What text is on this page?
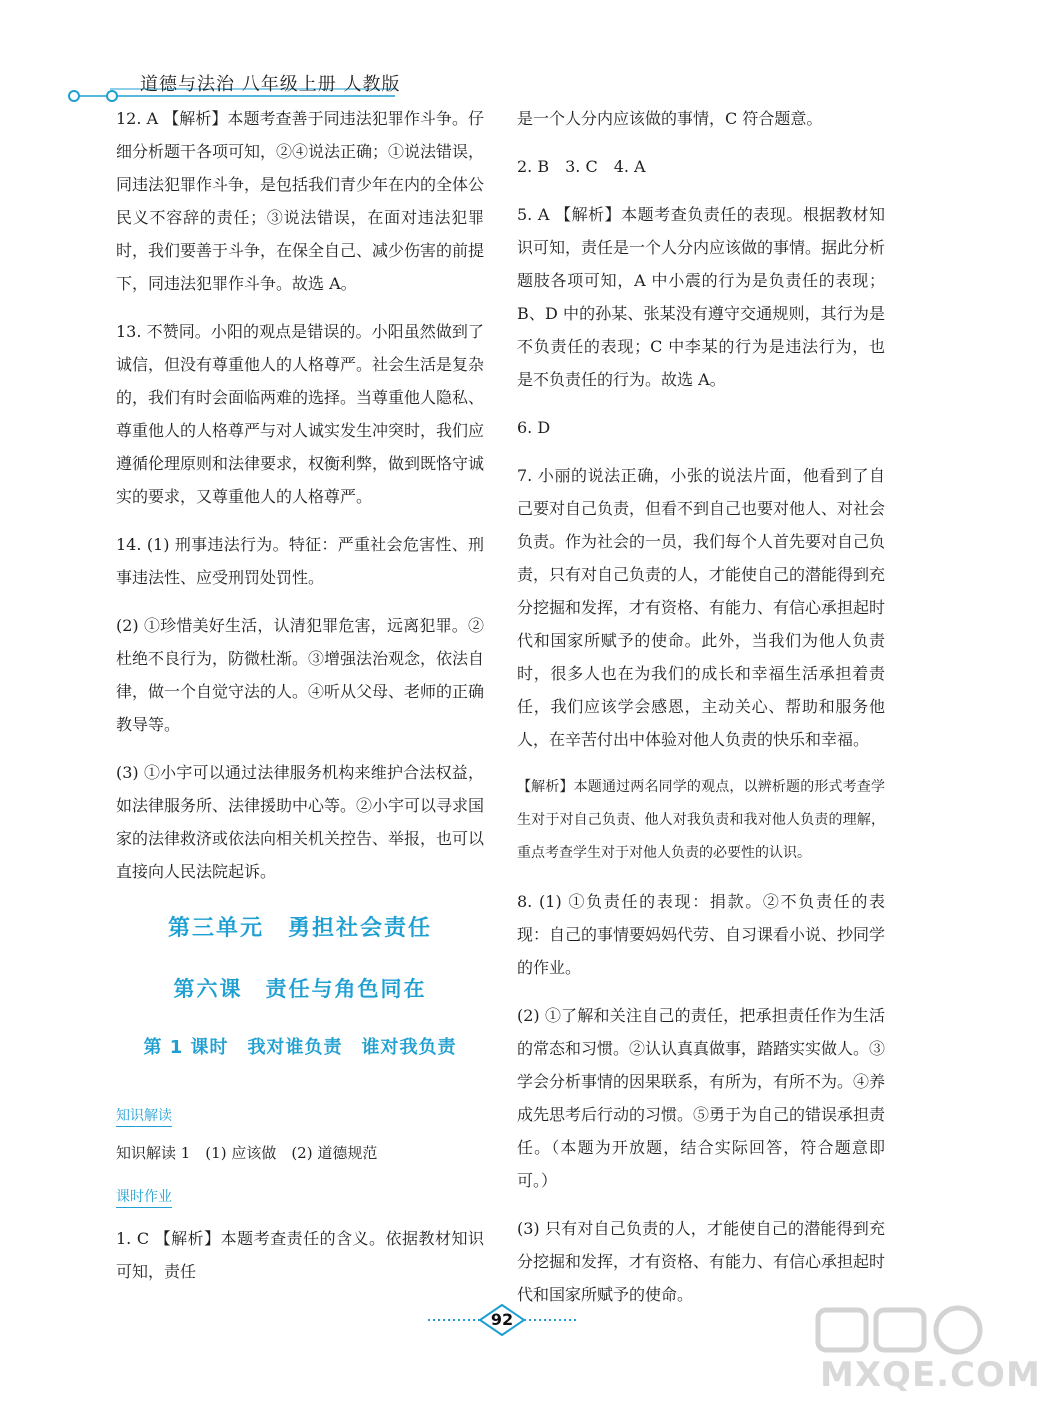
道德与法治 八年级上册 人教版

12. A 【解析】本题考查善于同违法犯罪作斗争。仔细分析题干各项可知，②④说法正确；①说法错误，同违法犯罪作斗争，是包括我们青少年在内的全体公民义不容辞的责任；③说法错误，在面对违法犯罪时，我们要善于斗争，在保全自己、减少伤害的前提下，同违法犯罪作斗争。故选 A。

13. 不赞同。小阳的观点是错误的。小阳虽然做到了诚信，但没有尊重他人的人格尊严。社会生活是复杂的，我们有时会面临两难的选择。当尊重他人隐私、尊重他人的人格尊严与对人诚实发生冲突时，我们应遵循伦理原则和法律要求，权衡利弊，做到既恪守诚实的要求，又尊重他人的人格尊严。

14. (1) 刑事违法行为。特征：严重社会危害性、刑事违法性、应受刑罚处罚性。

(2) ①珍惜美好生活，认清犯罪危害，远离犯罪。②杜绝不良行为，防微杜渐。③增强法治观念，依法自律，做一个自觉守法的人。④听从父母、老师的正确教导等。

(3) ①小宇可以通过法律服务机构来维护合法权益，如法律服务所、法律援助中心等。②小宇可以寻求国家的法律救济或依法向相关机关控告、举报，也可以直接向人民法院起诉。

第三单元　勇担社会责任
第六课　责任与角色同在
第 1 课时　我对谁负责　谁对我负责
知识解读

知识解读 1　(1) 应该做　(2) 道德规范

课时作业

1. C 【解析】本题考查责任的含义。依据教材知识可知，责任

是一个人分内应该做的事情，C 符合题意。

2. B　3. C　4. A

5. A 【解析】本题考查负责任的表现。根据教材知识可知，责任是一个人分内应该做的事情。据此分析题肢各项可知，A 中小震的行为是负责任的表现；B、D 中的孙某、张某没有遵守交通规则，其行为是不负责任的表现；C 中李某的行为是违法行为，也是不负责任的行为。故选 A。

6. D

7. 小丽的说法正确，小张的说法片面，他看到了自己要对自己负责，但看不到自己也要对他人、对社会负责。作为社会的一员，我们每个人首先要对自己负责，只有对自己负责的人，才能使自己的潜能得到充分挖掘和发挥，才有资格、有能力、有信心承担起时代和国家所赋予的使命。此外，当我们为他人负责时，很多人也在为我们的成长和幸福生活承担着责任，我们应该学会感恩，主动关心、帮助和服务他人，在辛苦付出中体验对他人负责的快乐和幸福。

【解析】本题通过两名同学的观点，以辨析题的形式考查学生对于对自己负责、他人对我负责和我对他人负责的理解，重点考查学生对于对他人负责的必要性的认识。

8. (1) ①负责任的表现：捐款。②不负责任的表现：自己的事情要妈妈代劳、自习课看小说、抄同学的作业。

(2) ①了解和关注自己的责任，把承担责任作为生活的常态和习惯。②认认真真做事，踏踏实实做人。③学会分析事情的因果联系，有所为，有所不为。④养成先思考后行动的习惯。⑤勇于为自己的错误承担责任。（本题为开放题，结合实际回答，符合题意即可。）

(3) 只有对自己负责的人，才能使自己的潜能得到充分挖掘和发挥，才有资格、有能力、有信心承担起时代和国家所赋予的使命。

92
MXQE.COM
